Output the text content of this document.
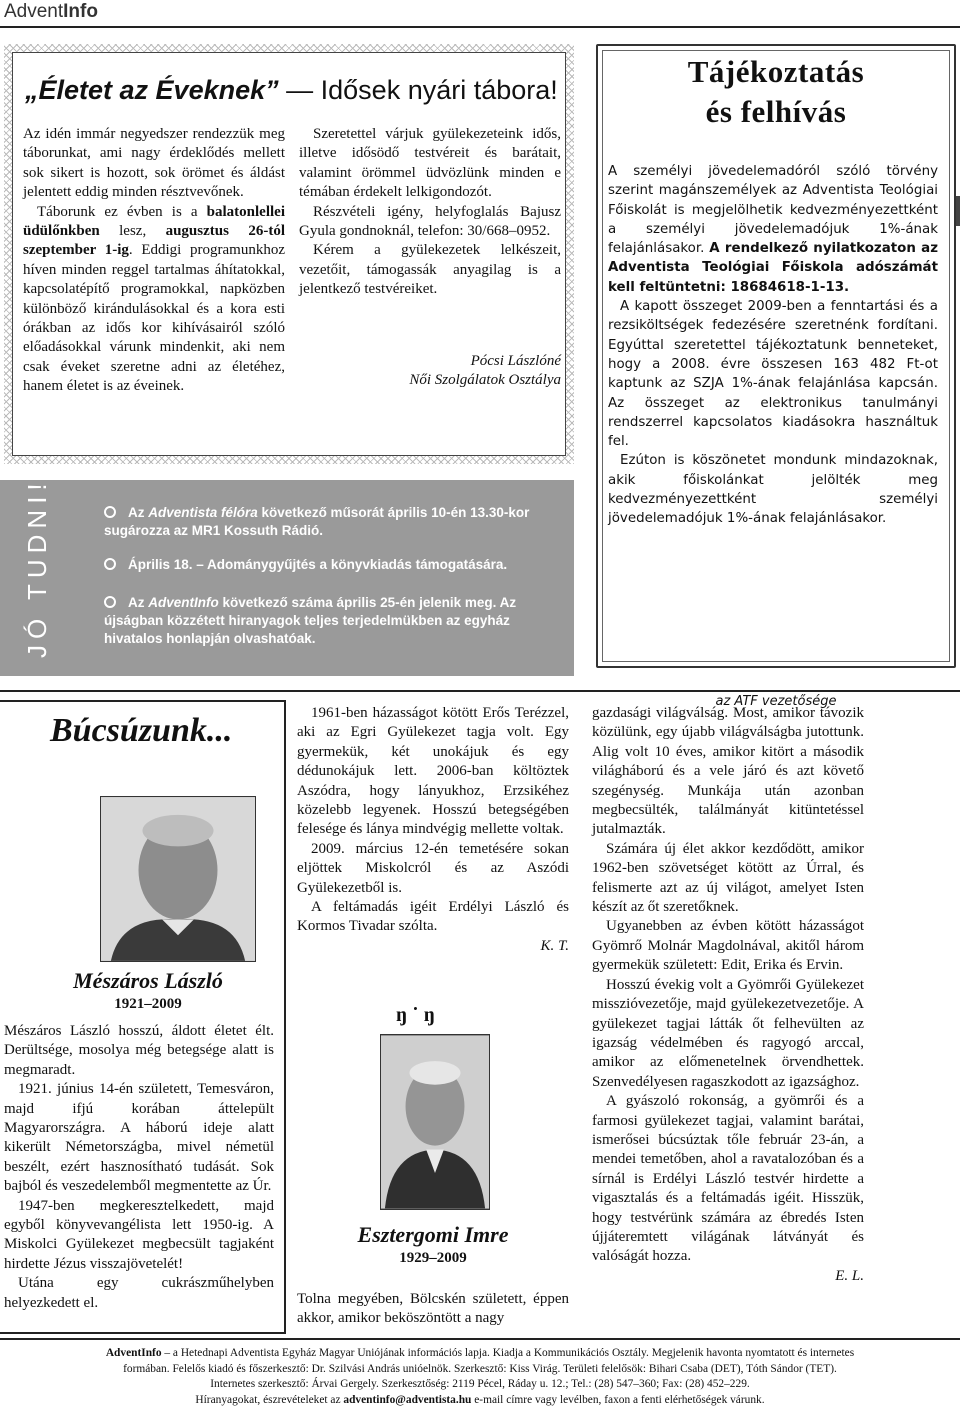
AdventInfo
„Életet az Éveknek” — Idősek nyári tábora!

Az idén immár negyedszer rendezzük meg táborunkat, ami nagy érdeklődés mellett sok sikert is hozott, sok örömet és áldást jelentett eddig minden résztvevőnek.

Táborunk ez évben is a balatonlellei üdülőnkben lesz, augusztus 26-tól szeptember 1-ig. Eddigi programunkhoz híven minden reggel tartalmas áhítatokkal, kapcsolatépítő programokkal, napközben különböző kirándulásokkal és a kora esti órákban az idős kor kihívásairól szóló előadásokkal várunk mindenkit, aki nem csak éveket szeretne adni az életéhez, hanem életet is az éveinek.

Szeretettel várjuk gyülekezeteink idős, illetve idősödő testvéreit és barátait, valamint örömmel üdvözlünk minden e témában érdekelt lelkigondozót.

Részvételi igény, helyfoglalás Bajusz Gyula gondnoknál, telefon: 30/668–0952.

Kérem a gyülekezetek lelkészeit, vezetőit, támogassák anyagilag is a jelentkező testvéreiket.

Pócsi Lászlóné

Női Szolgálatok Osztálya

Tájékoztatás
és felhívás

A személyi jövedelemadóról szóló törvény szerint magánszemélyek az Adventista Teológiai Főiskolát is megjelölhetik kedvezményezettként a személyi jövedelemadójuk 1%-ának felajánlásakor. A rendelkező nyilatkozaton az Adventista Teológiai Főiskola adószámát kell feltüntetni: 18684618-1-13.

A kapott összeget 2009-ben a fenntartási és a rezsiköltségek fedezésére szeretnénk fordítani. Egyúttal szeretettel tájékoztatunk benneteket, hogy a 2008. évre összesen 163 482 Ft-ot kaptunk az SZJA 1%-ának felajánlása kapcsán. Az összeget az elektronikus tanulmányi rendszerrel kapcsolatos kiadásokra használtuk fel.

Ezúton is köszönetet mondunk mindazoknak, akik főiskolánkat jelölték meg kedvezményezettként személyi jövedelemadójuk 1%-ának felajánlásakor.

az ATF vezetősége
JÓ TUDNI!	Az Adventista félóra következő műsorát április 10-én 13.30-kor sugározza az MR1 Kossuth Rádió.
Április 18. – Adománygyűjtés a könyvkiadás támogatására.
Az AdventInfo következő száma április 25-én jelenik meg. Az újságban közzétett hiranyagok teljes terjedelmükben az egyház hivatalos honlapján olvashatóak.
Búcsúzunk...
Mészáros László
1921–2009

Mészáros László hosszú, áldott életet élt. Derültsége, mosolya még betegsége alatt is megmaradt.

1921. június 14-én született, Temesváron, majd ifjú korában áttelepült Magyarországra. A háború ideje alatt kikerült Németországba, mivel németül beszélt, ezért hasznosítható tudását. Sok bajból és veszedelemből megmentette az Úr.

1947-ben megkeresztelkedett, majd egyből könyvevangélista lett 1950-ig. A Miskolci Gyülekezet megbecsült tagjaként hirdette Jézus visszajövetelét!

Utána egy cukrászműhelyben helyezkedett el.

1961-ben házasságot kötött Erős Terézzel, aki az Egri Gyülekezet tagja volt. Egy gyermekük, két unokájuk és egy dédunokájuk lett. 2006-ban költöztek Aszódra, hogy lányukhoz, Erzsikéhez közelebb legyenek. Hosszú betegségében felesége és lánya mindvégig mellette voltak.

2009. március 12-én temetésére sokan eljöttek Miskolcról és az Aszódi Gyülekezetből is.

A feltámadás igéit Erdélyi László és Kormos Tivadar szólta.

K. T.

ŋ ˙ ŋ
Esztergomi Imre
1929–2009

Tolna megyében, Bölcskén született, éppen akkor, amikor beköszöntött a nagy

gazdasági világválság. Most, amikor távozik közülünk, egy újabb világválságba jutottunk. Alig volt 10 éves, amikor kitört a második világháború és a vele járó és azt követő szegénység. Munkája után azonban megbecsülték, találmányát kitüntetéssel jutalmazták.

Számára új élet akkor kezdődött, amikor 1962-ben szövetséget kötött az Úrral, és felismerte azt az új világot, amelyet Isten készít az őt szeretőknek.

Ugyanebben az évben kötött házasságot Gyömrő Molnár Magdolnával, akitől három gyermekük született: Edit, Erika és Ervin.

Hosszú évekig volt a Gyömrői Gyülekezet misszióvezetője, majd gyülekezetvezetője. A gyülekezet tagjai látták őt felhevülten az igazság védelmében és ragyogó arccal, amikor az előmenetelnek örvendhettek. Szenvedélyesen ragaszkodott az igazsághoz.

A gyászoló rokonság, a gyömrői és a farmosi gyülekezet tagjai, valamint barátai, ismerősei búcsúztak tőle február 23-án, a mendei temetőben, ahol a ravatalozóban és a sírnál is Erdélyi László testvér hirdette a vigasztalás és a feltámadás igéit. Hisszük, hogy testvérünk számára az ébredés Isten újjáteremtett világának látványát és valóságát hozza.

E. L.

AdventInfo – a Hetednapi Adventista Egyház Magyar Uniójának információs lapja. Kiadja a Kommunikációs Osztály. Megjelenik havonta nyomtatott és internetes
formában. Felelős kiadó és főszerkesztő: Dr. Szilvási András unióelnök. Szerkesztő: Kiss Virág. Területi felelősök: Bihari Csaba (DET), Tóth Sándor (TET).
Internetes szerkesztő: Árvai Gergely. Szerkesztőség: 2119 Pécel, Ráday u. 12.; Tel.: (28) 547–360; Fax: (28) 452–229.
Híranyagokat, észrevételeket az adventinfo@adventista.hu e-mail címre vagy levélben, faxon a fenti elérhetőségek várunk.
